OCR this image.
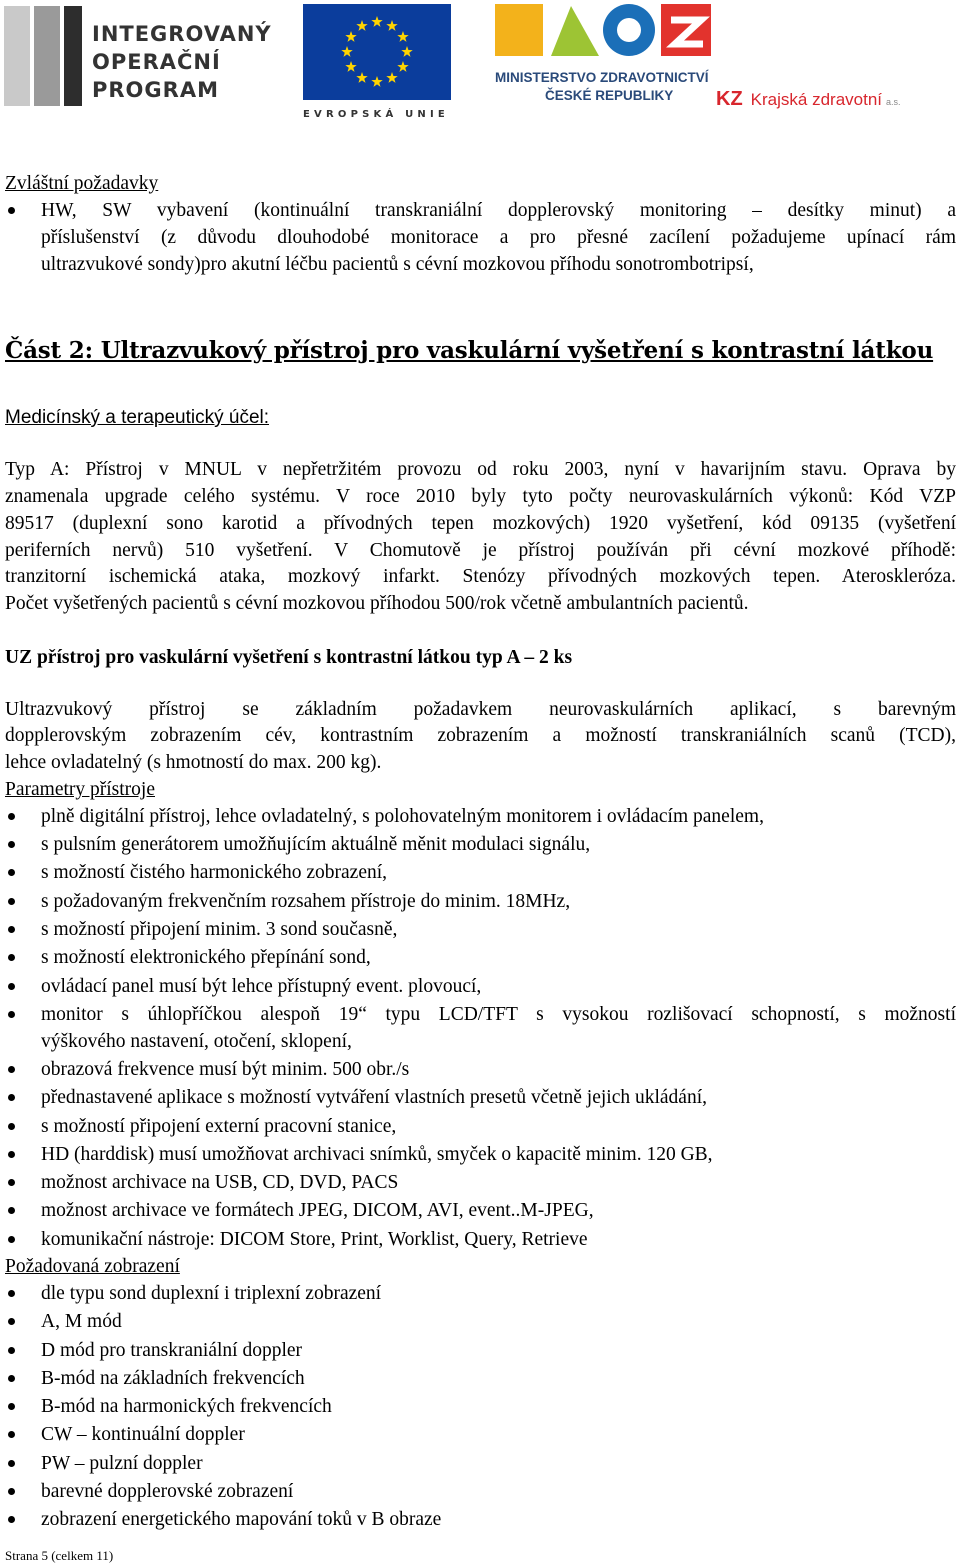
INTEGROVANÝ
OPERAČNÍ
PROGRAM
EVROPSKÁ UNIE
MINISTERSTVO ZDRAVOTNICTVÍ
ČESKÉ REPUBLIKY	KZ Krajská zdravotní a.s.
Zvláštní požadavky
HW, SW vybavení (kontinuální transkraniální dopplerovský monitoring – desítky minut) a
příslušenství (z důvodu dlouhodobé monitorace a pro přesné zacílení požadujeme upínací rám
ultrazvukové sondy)pro akutní léčbu pacientů s cévní mozkovou příhodu sonotrombotripsí,
Část 2: Ultrazvukový přístroj pro vaskulární vyšetření s kontrastní látkou
Medicínský a terapeutický účel:
Typ A: Přístroj v MNUL v nepřetržitém provozu od roku 2003, nyní v havarijním stavu. Oprava by
znamenala upgrade celého systému. V roce 2010 byly tyto počty neurovaskulárních výkonů: Kód VZP
89517 (duplexní sono karotid a přívodných tepen mozkových) 1920 vyšetření, kód 09135 (vyšetření
periferních nervů) 510 vyšetření. V Chomutově je přístroj používán při cévní mozkové příhodě:
tranzitorní ischemická ataka, mozkový infarkt. Stenózy přívodných mozkových tepen. Ateroskleróza.
Počet vyšetřených pacientů s cévní mozkovou příhodou 500/rok včetně ambulantních pacientů.
UZ přístroj pro vaskulární vyšetření s kontrastní látkou typ A – 2 ks
Ultrazvukový přístroj se základním požadavkem neurovaskulárních aplikací, s barevným
dopplerovským zobrazením cév, kontrastním zobrazením a možností transkraniálních scanů (TCD),
lehce ovladatelný (s hmotností do max. 200 kg).
Parametry přístroje
plně digitální přístroj, lehce ovladatelný, s polohovatelným monitorem i ovládacím panelem,
s pulsním generátorem umožňujícím aktuálně měnit modulaci signálu,
s možností čistého harmonického zobrazení,
s požadovaným frekvenčním rozsahem přístroje do minim. 18MHz,
s možností připojení minim. 3 sond současně,
s možností elektronického přepínání sond,
ovládací panel musí být lehce přístupný event. plovoucí,
monitor s úhlopříčkou alespoň 19“ typu LCD/TFT s vysokou rozlišovací schopností, s možností
výškového nastavení, otočení, sklopení,
obrazová frekvence musí být minim. 500 obr./s
přednastavené aplikace s možností vytváření vlastních presetů včetně jejich ukládání,
s možností připojení externí pracovní stanice,
HD (harddisk) musí umožňovat archivaci snímků, smyček o kapacitě minim. 120 GB,
možnost archivace na USB, CD, DVD, PACS
možnost archivace ve formátech JPEG, DICOM, AVI, event..M-JPEG,
komunikační nástroje: DICOM Store, Print, Worklist, Query, Retrieve
Požadovaná zobrazení
dle typu sond duplexní i triplexní zobrazení
A, M mód
D mód pro transkraniální doppler
B-mód na základních frekvencích
B-mód na harmonických frekvencích
CW – kontinuální doppler
PW – pulzní doppler
barevné dopplerovské zobrazení
zobrazení energetického mapování toků v B obraze
Strana 5 (celkem 11)
